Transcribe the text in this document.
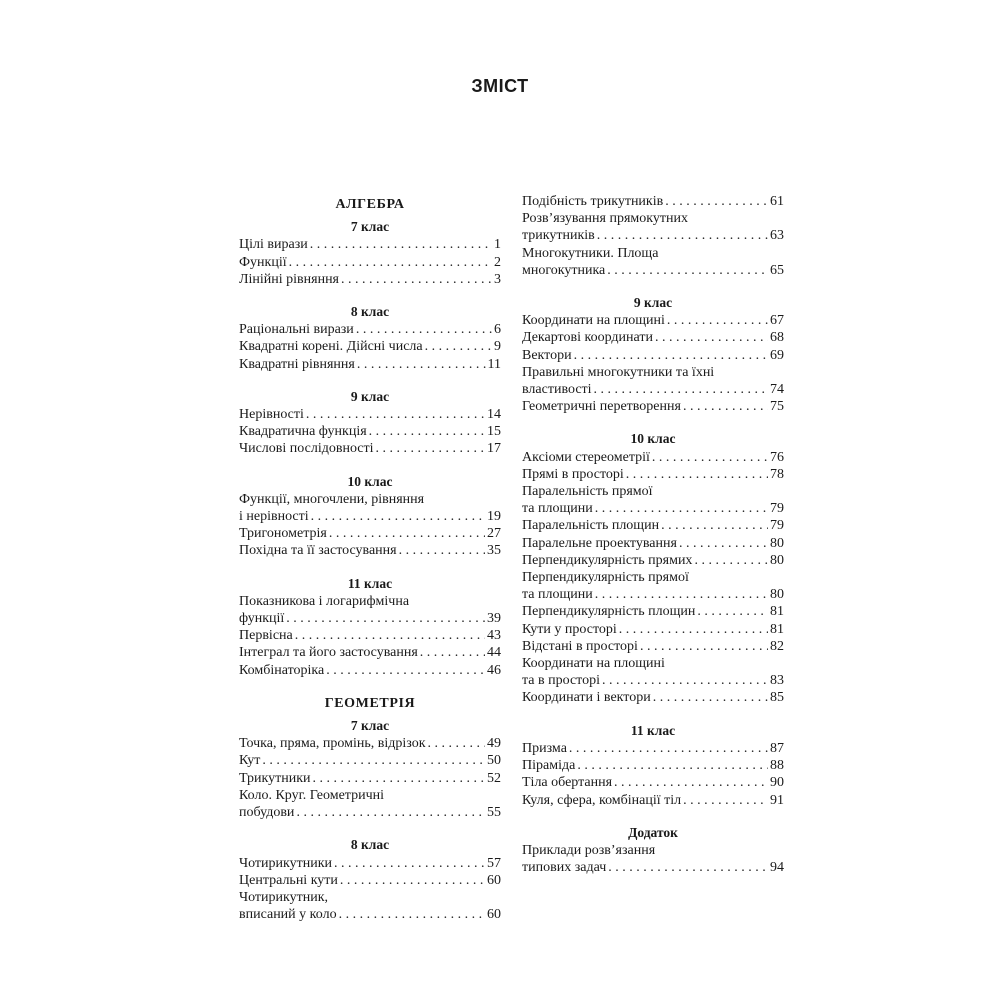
ЗМІСТ
АЛГЕБРА
7 клас
Цілі вирази . . .	1
Функції . . .	2
Лінійні рівняння . . .	3
8 клас
Раціональні вирази . . .	6
Квадратні корені. Дійсні числа . . .	9
Квадратні рівняння . . .	11
9 клас
Нерівності . . .	14
Квадратична функція . . .	15
Числові послідовності . . .	17
10 клас
Функції, многочлени, рівняння
і нерівності . . .	19
Тригонометрія . . .	27
Похідна та її застосування . . .	35
11 клас
Показникова і логарифмічна
функції . . .	39
Первісна . . .	43
Інтеграл та його застосування . . .	44
Комбінаторіка . . .	46
ГЕОМЕТРІЯ
7 клас
Точка, пряма, промінь, відрізок . . .	49
Кут . . .	50
Трикутники . . .	52
Коло. Круг. Геометричні
побудови . . .	55
8 клас
Чотирикутники . . .	57
Центральні кути . . .	60
Чотирикутник,
вписаний у коло . . .	60
Подібність трикутників . . .	61
Розв’язування прямокутних
трикутників . . .	63
Многокутники. Площа
многокутника . . .	65
9 клас
Координати на площині . . .	67
Декартові координати . . .	68
Вектори . . .	69
Правильні многокутники та їхні
властивості . . .	74
Геометричні перетворення . . .	75
10 клас
Аксіоми стереометрії . . .	76
Прямі в просторі . . .	78
Паралельність прямої
та площини . . .	79
Паралельність площин . . .	79
Паралельне проектування . . .	80
Перпендикулярність прямих . . .	80
Перпендикулярність прямої
та площини . . .	80
Перпендикулярність площин . . .	81
Кути у просторі . . .	81
Відстані в просторі . . .	82
Координати на площині
та в просторі . . .	83
Координати і вектори . . .	85
11 клас
Призма . . .	87
Піраміда . . .	88
Тіла обертання . . .	90
Куля, сфера, комбінації тіл . . .	91
Додаток
Приклади розв’язання
типових задач . . .	94
